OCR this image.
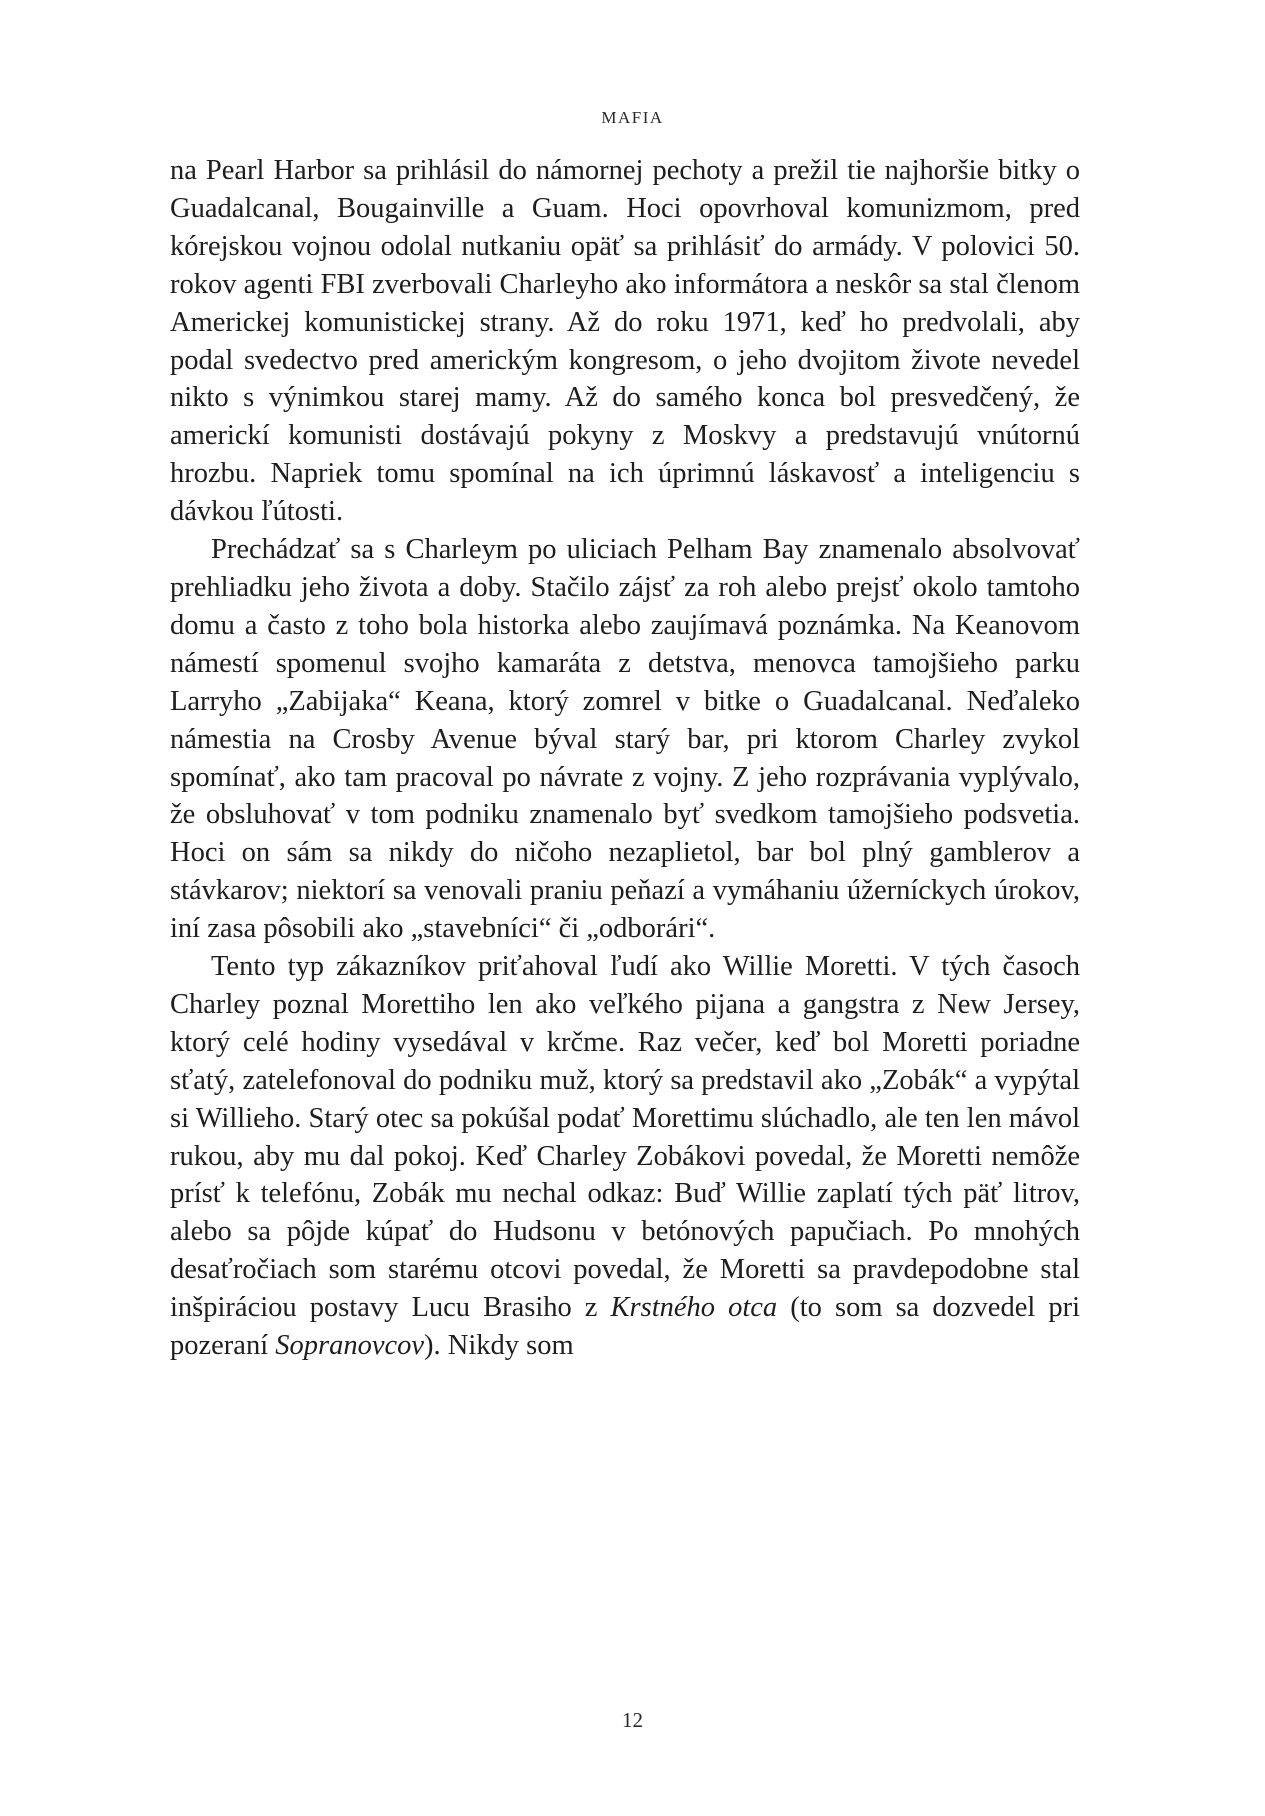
MAFIA

na Pearl Harbor sa prihlásil do námornej pechoty a prežil tie najhoršie bitky o Guadalcanal, Bougainville a Guam. Hoci opovrhoval komunizmom, pred kórejskou vojnou odolal nutkaniu opäť sa prihlásiť do armády. V polovici 50. rokov agenti FBI zverbovali Charleyho ako informátora a neskôr sa stal členom Americkej komunistickej strany. Až do roku 1971, keď ho predvolali, aby podal svedectvo pred americkým kongresom, o jeho dvojitom živote nevedel nikto s výnimkou starej mamy. Až do samého konca bol presvedčený, že americkí komunisti dostávajú pokyny z Moskvy a predstavujú vnútornú hrozbu. Napriek tomu spomínal na ich úprimnú láskavosť a inteligenciu s dávkou ľútosti.

Prechádzať sa s Charleym po uliciach Pelham Bay znamenalo absolvovať prehliadku jeho života a doby. Stačilo zájsť za roh alebo prejsť okolo tamtoho domu a často z toho bola historka alebo zaujímavá poznámka. Na Keanovom námestí spomenul svojho kamaráta z detstva, menovca tamojšieho parku Larryho „Zabijaka“ Keana, ktorý zomrel v bitke o Guadalcanal. Neďaleko námestia na Crosby Avenue býval starý bar, pri ktorom Charley zvykol spomínať, ako tam pracoval po návrate z vojny. Z jeho rozprávania vyplývalo, že obsluhovať v tom podniku znamenalo byť svedkom tamojšieho podsvetia. Hoci on sám sa nikdy do ničoho nezaplietol, bar bol plný gamblerov a stávkarov; niektorí sa venovali praniu peňazí a vymáhaniu úžerníckych úrokov, iní zasa pôsobili ako „stavebníci“ či „odborári“.

Tento typ zákazníkov priťahoval ľudí ako Willie Moretti. V tých časoch Charley poznal Morettiho len ako veľkého pijana a gangstra z New Jersey, ktorý celé hodiny vysedával v krčme. Raz večer, keď bol Moretti poriadne sťatý, zatelefonoval do podniku muž, ktorý sa predstavil ako „Zobák“ a vypýtal si Willieho. Starý otec sa pokúšal podať Morettimu slúchadlo, ale ten len mávol rukou, aby mu dal pokoj. Keď Charley Zobákovi povedal, že Moretti nemôže prísť k telefónu, Zobák mu nechal odkaz: Buď Willie zaplatí tých päť litrov, alebo sa pôjde kúpať do Hudsonu v betónových papučiach. Po mnohých desaťročiach som starému otcovi povedal, že Moretti sa pravdepodobne stal inšpiráciou postavy Lucu Brasiho z Krstného otca (to som sa dozvedel pri pozeraní Sopranovcov). Nikdy som

12
